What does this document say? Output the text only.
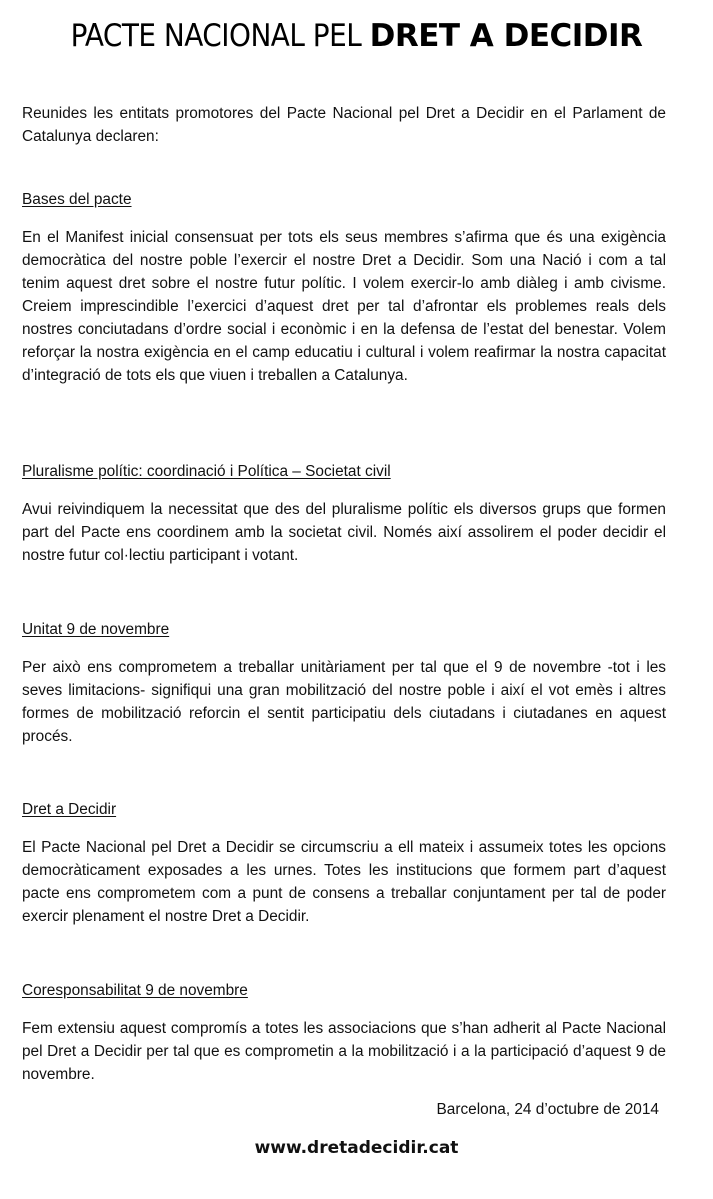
PACTE NACIONAL PEL DRET A DECIDIR
Reunides les entitats promotores del Pacte Nacional pel Dret a Decidir en el Parlament de Catalunya declaren:
Bases del pacte
En el Manifest inicial consensuat per tots els seus membres s’afirma que és una exigència democràtica del nostre poble l’exercir el nostre Dret a Decidir. Som una Nació i com a tal tenim aquest dret sobre el nostre futur polític. I volem exercir-lo amb diàleg i amb civisme. Creiem imprescindible l’exercici d’aquest dret per tal d’afrontar els problemes reals dels nostres conciutadans d’ordre social i econòmic i en la defensa de l’estat del benestar. Volem reforçar la nostra exigència en el camp educatiu i cultural i volem reafirmar la nostra capacitat d’integració de tots els que viuen i treballen a Catalunya.
Pluralisme polític: coordinació i Política – Societat civil
Avui reivindiquem la necessitat que des del pluralisme polític els diversos grups que formen part del Pacte ens coordinem amb la societat civil. Només així assolirem el poder decidir el nostre futur col·lectiu participant i votant.
Unitat 9 de novembre
Per això ens comprometem a treballar unitàriament per tal que el 9 de novembre -tot i les seves limitacions- signifiqui una gran mobilització del nostre poble i així el vot emès i altres formes de mobilització reforcin el sentit participatiu dels ciutadans i ciutadanes en aquest procés.
Dret a Decidir
El Pacte Nacional pel Dret a Decidir se circumscriu a ell mateix i assumeix totes les opcions democràticament exposades a les urnes. Totes les institucions que formem part d’aquest pacte ens comprometem com a punt de consens a treballar conjuntament per tal de poder exercir plenament el nostre Dret a Decidir.
Coresponsabilitat 9 de novembre
Fem extensiu aquest compromís a totes les associacions que s’han adherit al Pacte Nacional pel Dret a Decidir per tal que es comprometin a la mobilització i a la participació d’aquest 9 de novembre.
Barcelona, 24 d’octubre de 2014
www.dretadecidir.cat
